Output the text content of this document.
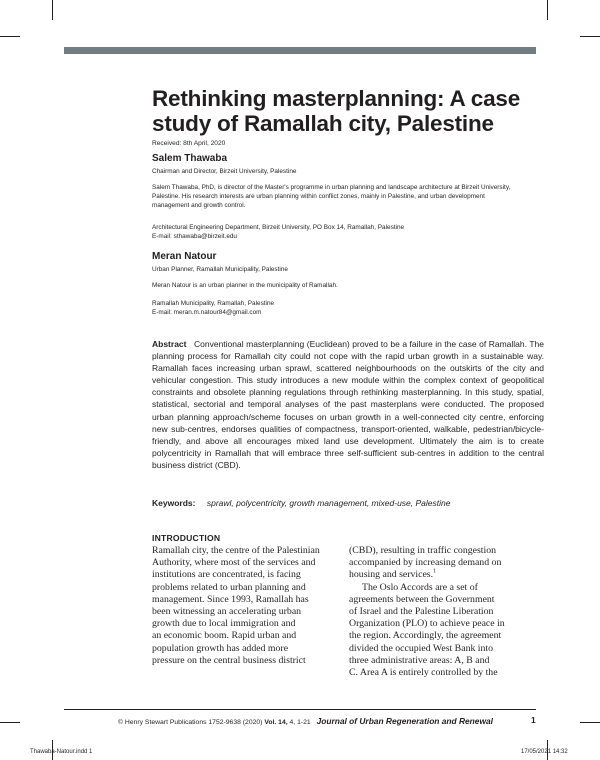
Rethinking masterplanning: A case study of Ramallah city, Palestine
Received: 8th April, 2020
Salem Thawaba
Chairman and Director, Birzeit University, Palestine
Salem Thawaba, PhD, is director of the Master's programme in urban planning and landscape architecture at Birzeit University,
Palestine. His research interests are urban planning within conflict zones, mainly in Palestine, and urban development
management and growth control.
Architectural Engineering Department, Birzeit University, PO Box 14, Ramallah, Palestine
E-mail: sthawaba@birzeit.edu
Meran Natour
Urban Planner, Ramallah Municipality, Palestine
Meran Natour is an urban planner in the municipality of Ramallah.
Ramallah Municipality, Ramallah, Palestine
E-mail: meran.m.natour84@gmail.com
Abstract Conventional masterplanning (Euclidean) proved to be a failure in the case of Ramallah. The planning process for Ramallah city could not cope with the rapid urban growth in a sustainable way. Ramallah faces increasing urban sprawl, scattered neighbourhoods on the outskirts of the city and vehicular congestion. This study introduces a new module within the complex context of geopolitical constraints and obsolete planning regulations through rethinking masterplanning. In this study, spatial, statistical, sectorial and temporal analyses of the past masterplans were conducted. The proposed urban planning approach/scheme focuses on urban growth in a well-connected city centre, enforcing new sub-centres, endorses qualities of compactness, transport-oriented, walkable, pedestrian/bicycle-friendly, and above all encourages mixed land use development. Ultimately the aim is to create polycentricity in Ramallah that will embrace three self-sufficient sub-centres in addition to the central business district (CBD).
Keywords: sprawl, polycentricity, growth management, mixed-use, Palestine
INTRODUCTION
Ramallah city, the centre of the Palestinian
Authority, where most of the services and
institutions are concentrated, is facing
problems related to urban planning and
management. Since 1993, Ramallah has
been witnessing an accelerating urban
growth due to local immigration and
an economic boom. Rapid urban and
population growth has added more
pressure on the central business district
(CBD), resulting in traffic congestion
accompanied by increasing demand on
housing and services.$^1$
The Oslo Accords are a set of
agreements between the Government
of Israel and the Palestine Liberation
Organization (PLO) to achieve peace in
the region. Accordingly, the agreement
divided the occupied West Bank into
three administrative areas: A, B and
C. Area A is entirely controlled by the
© Henry Stewart Publications 1752-9638 (2020) Vol. 14, 4, 1-21 Journal of Urban Regeneration and Renewal	1
Thawaba-Natour.indd 1	17/05/2021 14:32
